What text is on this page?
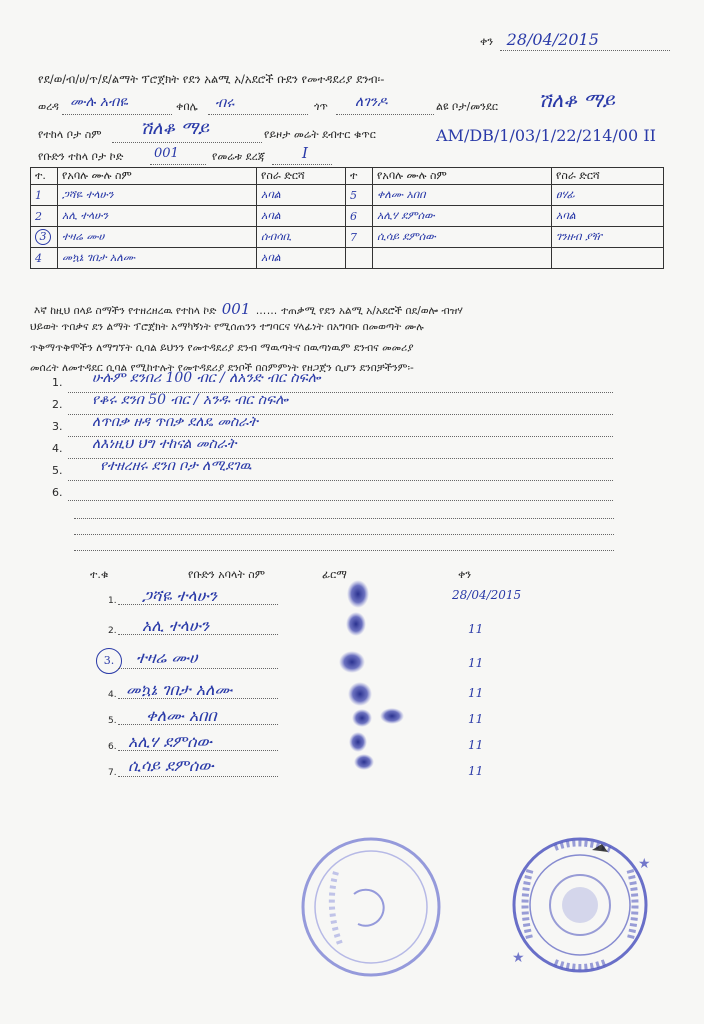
ቀን 28/04/2015
የደ/ወ/ብ/ሀ/ጥ/ደ/ልማት ፕሮጀክት የደን አልሚ አ/አደሮች ቡደን የመተዳደሪያ ደንብ፡-
ወረዳ ሙሉ አብዬ	ቀበሌ ብሩ	ጎጥ ለገንዶ	ልዩ ቦታ/መንደር ሽለቆ ማይ
የተከላ ቦታ ስም ሽለቆ ማይ	የይዞታ መሬት ደብተር ቁጥር	AM/DB/1/03/1/22/214/00 II
የቡድን ተከላ ቦታ ኮድ 001	የመሬቱ ደረጃ I
ተ.	የአባሉ ሙሉ ስም	የስራ ድርሻ	ተ	የአባሉ ሙሉ ስም	የስራ ድርሻ
1	ጋሻዬ ተላሁን	አባል	5	ቀለሙ አበበ	ፀሃፊ
2	አሊ ተላሁን	አባል	6	አሊሃ ደምሰው	አባል
3	ተዛሬ ሙሀ	ሰብሳቢ	7	ሲሳይ ደምሰው	ገንዘብ ያዥ
4	መኳኔ ገበታ አለሙ	አባል			
እኛ ከዚህ በላይ ስማችን የተዘረዘረዉ የተከላ ኮድ 001 …… ተጠቃሚ የደን አልሚ አ/አደሮች በደ/ወሎ ብዝሃ
ህይወት ጥበቃና ደን ልማት ፕሮጀክት አማካኝነት የሚሰጠንን ተግባርና ሃላፊነት በአግባቡ በመወጣት ሙሉ
ጥቅማጥቅሞችን ለማግኘት ሲባል ይህንን የመተዳደሪያ ደንብ ማዉጣትና በዉጣነዉም ደንብና መመሪያ
መሰረት ለመተዳደር ሲባል የሚከተሉት የመተዳደሪያ ደንቦች በስምምነት የዘጋጀን ሲሆን ደንበቻችንም፡-
1. ሁሉም ደንበሪ 100 ብር / ለአንድ ብር ስፍሎ
2. የቆሩ ደንበ 50 ብር / አንዱ ብር ስፍሎ
3. ለጥበቃ ዘዳ ጥበቃ ደለዴ መስራት
4. ለእነዚህ ህግ ተከናል መስራት
5.	የተዘረዘሩ ደንበ ቦታ ለሚደገዉ
6.
ተ.ቁ	የቡድን አባላት ስም	ፊርማ	ቀን
1. ጋሻዬ ተላሁን	28/04/2015
2. አሊ ተላሁን	11
3.	ተዛሬ ሙሀ	11
4. መኳኔ ገበታ አለሙ	11
5. ቀለሙ አበበ	11
6. አሊሃ ደምሰው	11
7. ሲሳይ ደምሰው	11
★
★
